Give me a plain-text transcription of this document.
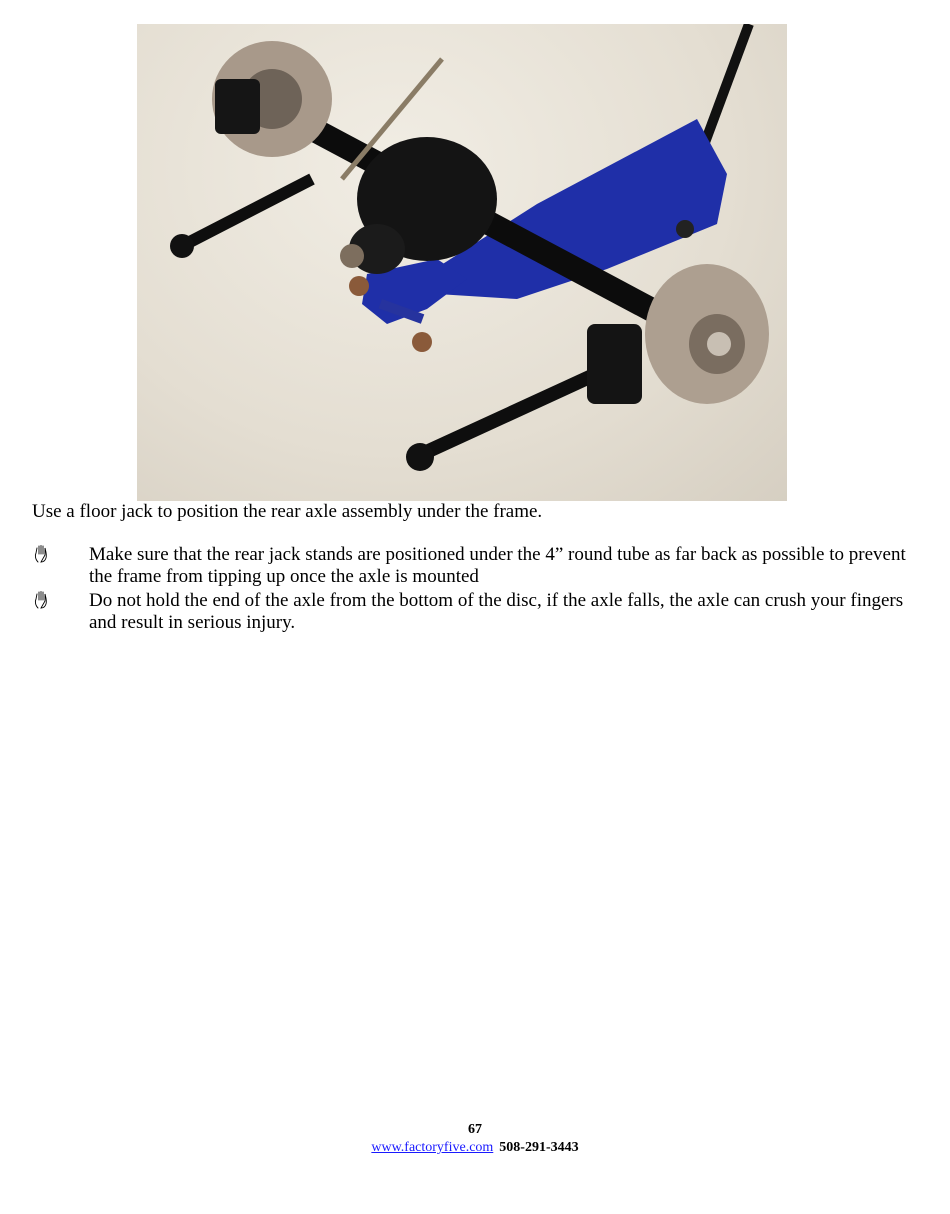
Use a floor jack to position the rear axle assembly under the frame.
Make sure that the rear jack stands are positioned under the 4” round tube as far back as possible to prevent the frame from tipping up once the axle is mounted
Do not hold the end of the axle from the bottom of the disc, if the axle falls, the axle can crush your fingers and result in serious injury.
67
www.factoryfive.com 508-291-3443
